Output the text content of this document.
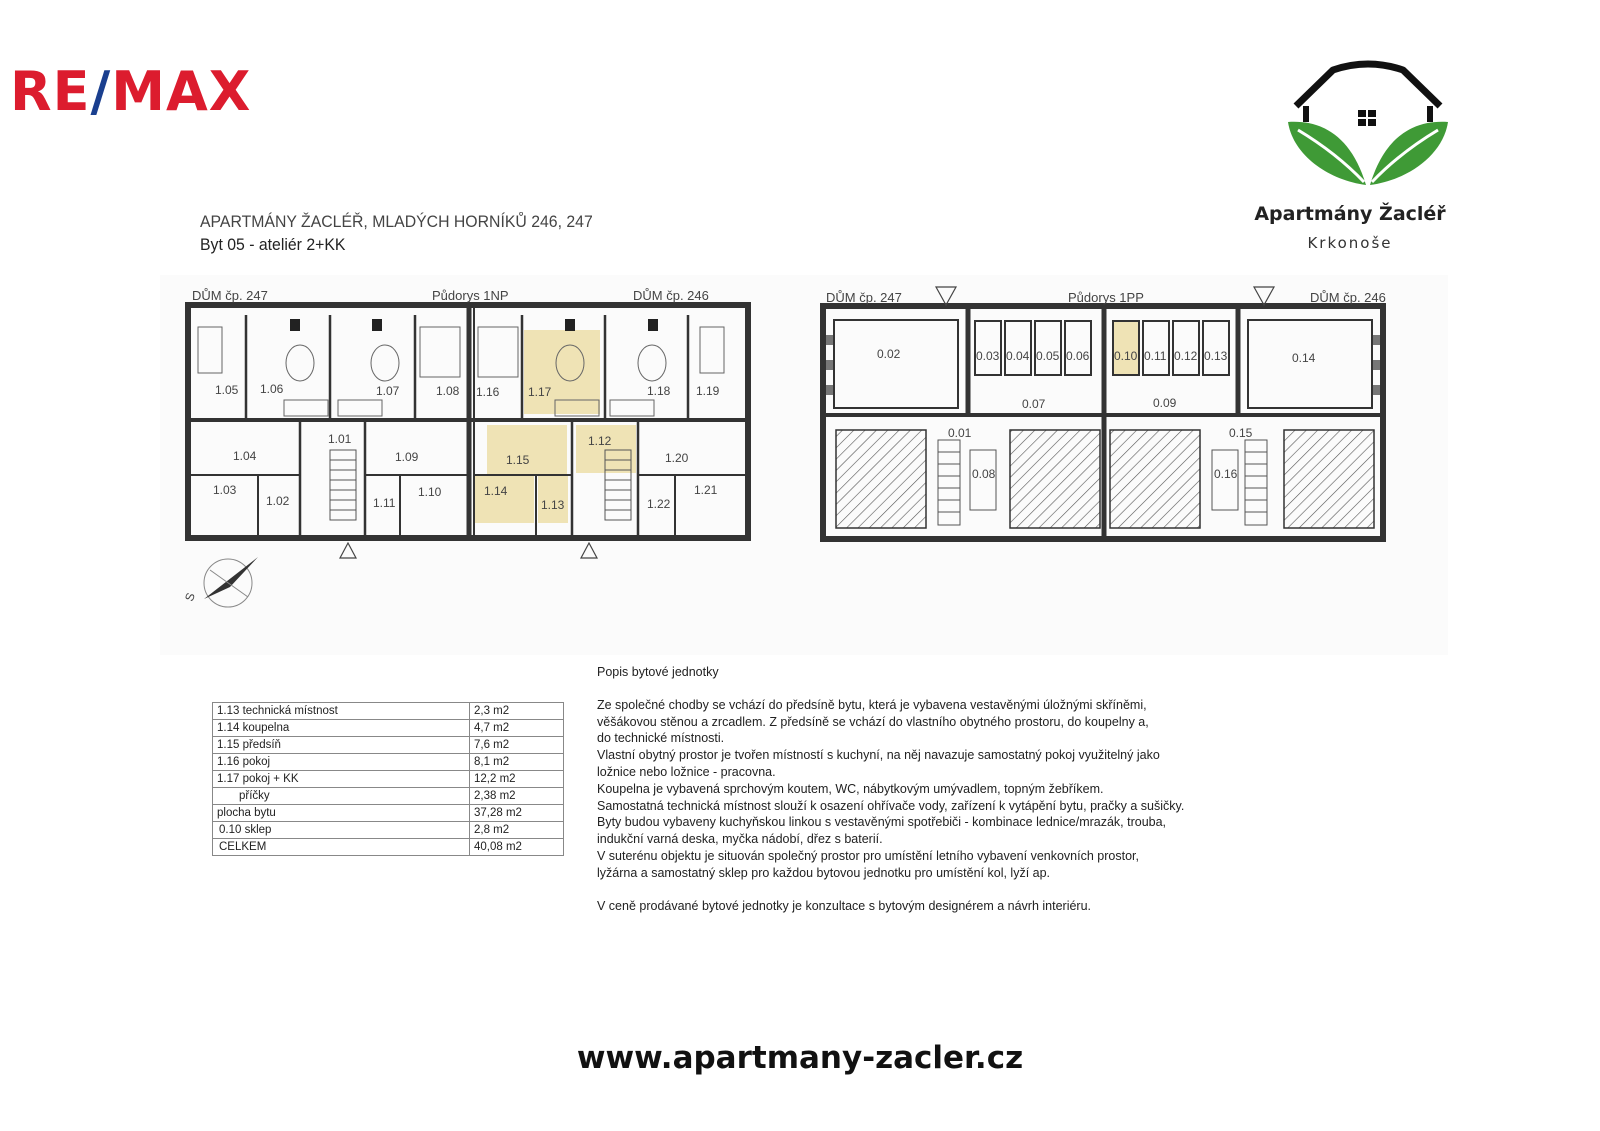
RE/MAX
Apartmány Žacléř
Krkonoše
APARTMÁNY ŽACLÉŘ, MLADÝCH HORNÍKŮ 246, 247
Byt 05 - ateliér 2+KK
DŮM čp. 247	Půdorys 1NP	DŮM čp. 246
1.05 1.06	1.07	1.08 1.16 1.17	1.18 1.19
1.01
1.04	1.09	1.15
1.12
1.20
1.03
1.02	1.11
1.10	1.14
1.13	1.22
1.21
S
DŮM čp. 247	Půdorys 1PP	DŮM čp. 246
0.02	0.03 0.04 0.05 0.06 0.10 0.11 0.12 0.13	0.14
0.07	0.09
0.01	0.15
0.08	0.16
1.13 technická místnost	2,3 m2
1.14 koupelna	4,7 m2
1.15 předsíň	7,6 m2
1.16 pokoj	8,1 m2
1.17 pokoj + KK	12,2 m2
příčky	2,38 m2
plocha bytu	37,28 m2
0.10 sklep	2,8 m2
CELKEM	40,08 m2

Popis bytové jednotky

Ze společné chodby se vchází do předsíně bytu, která je vybavena vestavěnými úložnými skříněmi,

věšákovou stěnou a zrcadlem. Z předsíně se vchází do vlastního obytného prostoru, do koupelny a,

do technické místnosti.

Vlastní obytný prostor je tvořen místností s kuchyní, na něj navazuje samostatný pokoj využitelný jako

ložnice nebo ložnice - pracovna.

Koupelna je vybavená sprchovým koutem, WC, nábytkovým umývadlem, topným žebříkem.

Samostatná technická místnost slouží k osazení ohřívače vody, zařízení k vytápění bytu, pračky a sušičky.

Byty budou vybaveny kuchyňskou linkou s vestavěnými spotřebiči - kombinace lednice/mrazák, trouba,

indukční varná deska, myčka nádobí, dřez s baterií.

V suterénu objektu je situován společný prostor pro umístění letního vybavení venkovních prostor,

lyžárna a samostatný sklep pro každou bytovou jednotku pro umístění kol, lyží ap.

V ceně prodávané bytové jednotky je konzultace s bytovým designérem a návrh interiéru.

www.apartmany-zacler.cz
